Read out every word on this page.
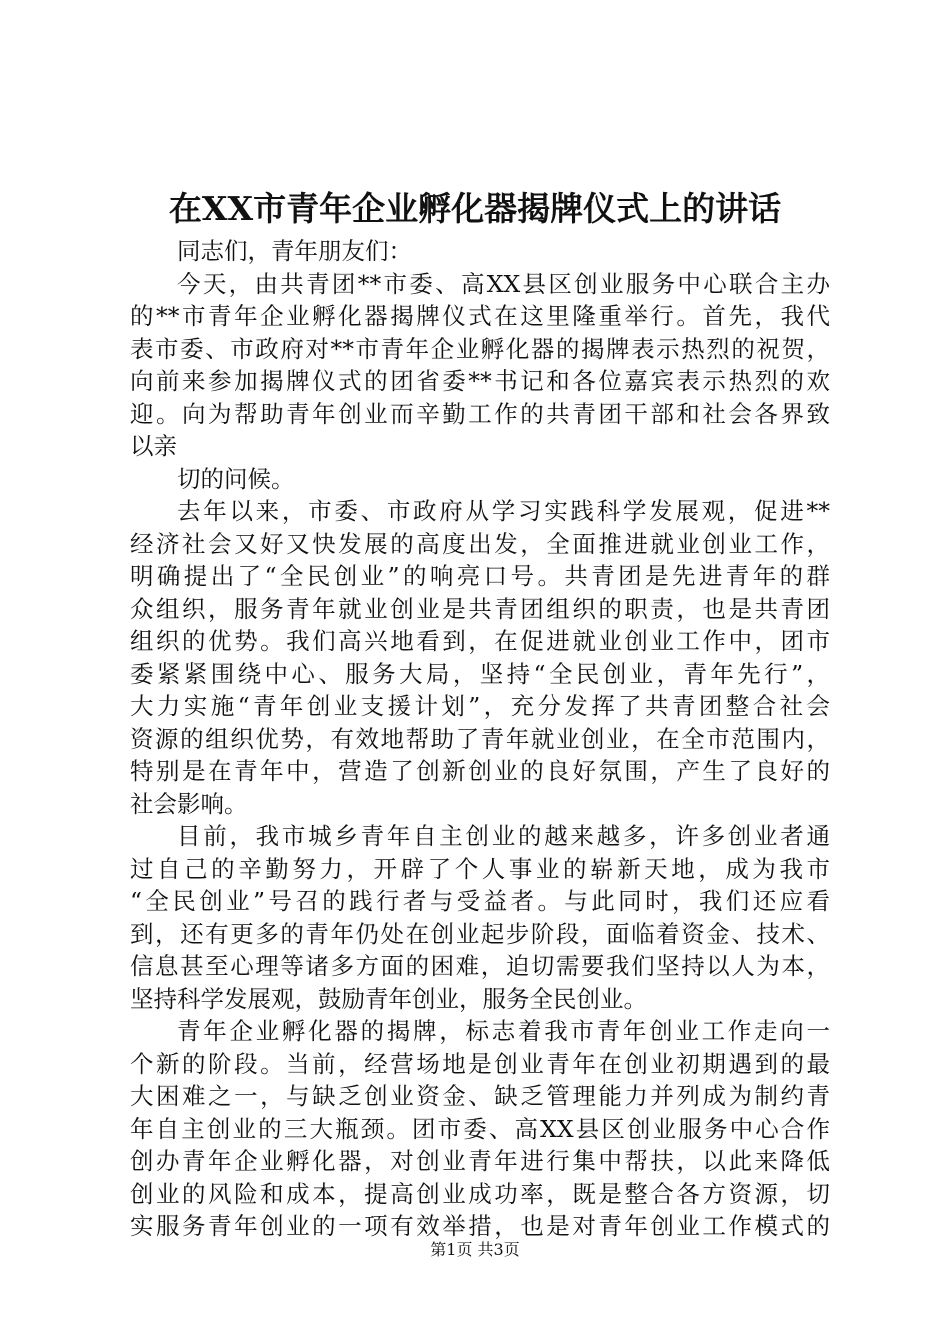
在XX市青年企业孵化器揭牌仪式上的讲话
同志们，青年朋友们：
今天，由共青团**市委、高XX县区创业服务中心联合主办
的**市青年企业孵化器揭牌仪式在这里隆重举行。首先，我代
表市委、市政府对**市青年企业孵化器的揭牌表示热烈的祝贺，
向前来参加揭牌仪式的团省委**书记和各位嘉宾表示热烈的欢
迎。向为帮助青年创业而辛勤工作的共青团干部和社会各界致
以亲
切的问候。
去年以来，市委、市政府从学习实践科学发展观，促进**
经济社会又好又快发展的高度出发，全面推进就业创业工作，
明确提出了“全民创业”的响亮口号。共青团是先进青年的群
众组织，服务青年就业创业是共青团组织的职责，也是共青团
组织的优势。我们高兴地看到，在促进就业创业工作中，团市
委紧紧围绕中心、服务大局，坚持“全民创业，青年先行”，
大力实施“青年创业支援计划”，充分发挥了共青团整合社会
资源的组织优势，有效地帮助了青年就业创业，在全市范围内，
特别是在青年中，营造了创新创业的良好氛围，产生了良好的
社会影响。
目前，我市城乡青年自主创业的越来越多，许多创业者通
过自己的辛勤努力，开辟了个人事业的崭新天地，成为我市
“全民创业”号召的践行者与受益者。与此同时，我们还应看
到，还有更多的青年仍处在创业起步阶段，面临着资金、技术、
信息甚至心理等诸多方面的困难，迫切需要我们坚持以人为本，
坚持科学发展观，鼓励青年创业，服务全民创业。
青年企业孵化器的揭牌，标志着我市青年创业工作走向一
个新的阶段。当前，经营场地是创业青年在创业初期遇到的最
大困难之一，与缺乏创业资金、缺乏管理能力并列成为制约青
年自主创业的三大瓶颈。团市委、高XX县区创业服务中心合作
创办青年企业孵化器，对创业青年进行集中帮扶，以此来降低
创业的风险和成本，提高创业成功率，既是整合各方资源，切
实服务青年创业的一项有效举措，也是对青年创业工作模式的
第1页 共3页
